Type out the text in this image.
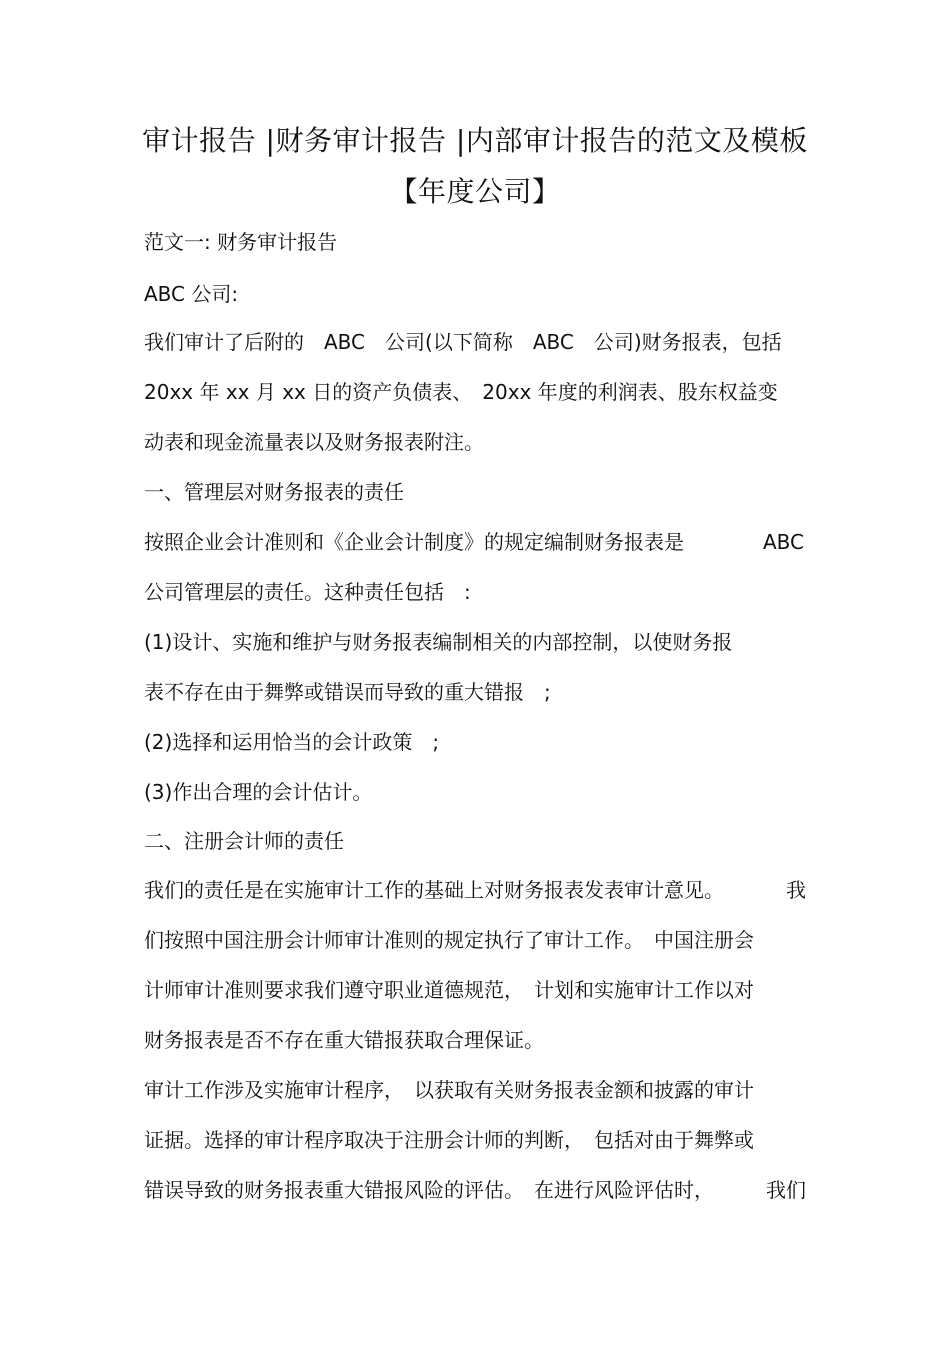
审计报告 |财务审计报告 |内部审计报告的范文及模板
【年度公司】
范文一: 财务审计报告
ABC 公司:
我们审计了后附的　ABC　公司(以下简称　ABC　公司)财务报表，包括
20xx 年 xx 月 xx 日的资产负债表、　20xx 年度的利润表、股东权益变
动表和现金流量表以及财务报表附注。
一、管理层对财务报表的责任
按照企业会计准则和《企业会计制度》的规定编制财务报表是	ABC
公司管理层的责任。这种责任包括　:
(1)设计、实施和维护与财务报表编制相关的内部控制，以使财务报
表不存在由于舞弊或错误而导致的重大错报　;
(2)选择和运用恰当的会计政策　;
(3)作出合理的会计估计。
二、注册会计师的责任
我们的责任是在实施审计工作的基础上对财务报表发表审计意见。	我
们按照中国注册会计师审计准则的规定执行了审计工作。　中国注册会
计师审计准则要求我们遵守职业道德规范，　计划和实施审计工作以对
财务报表是否不存在重大错报获取合理保证。
审计工作涉及实施审计程序，　以获取有关财务报表金额和披露的审计
证据。选择的审计程序取决于注册会计师的判断，　包括对由于舞弊或
错误导致的财务报表重大错报风险的评估。　在进行风险评估时，	我们
